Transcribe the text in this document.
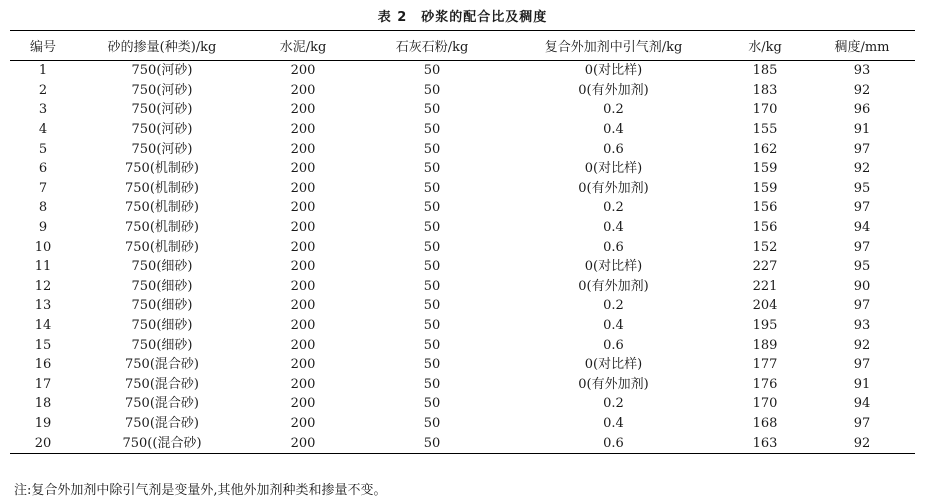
表 2　砂浆的配合比及稠度
编号	砂的掺量(种类)/kg	水泥/kg	石灰石粉/kg	复合外加剂中引气剂/kg	水/kg	稠度/mm
1	750(河砂)	200	50	0(对比样)	185	93
2	750(河砂)	200	50	0(有外加剂)	183	92
3	750(河砂)	200	50	0.2	170	96
4	750(河砂)	200	50	0.4	155	91
5	750(河砂)	200	50	0.6	162	97
6	750(机制砂)	200	50	0(对比样)	159	92
7	750(机制砂)	200	50	0(有外加剂)	159	95
8	750(机制砂)	200	50	0.2	156	97
9	750(机制砂)	200	50	0.4	156	94
10	750(机制砂)	200	50	0.6	152	97
11	750(细砂)	200	50	0(对比样)	227	95
12	750(细砂)	200	50	0(有外加剂)	221	90
13	750(细砂)	200	50	0.2	204	97
14	750(细砂)	200	50	0.4	195	93
15	750(细砂)	200	50	0.6	189	92
16	750(混合砂)	200	50	0(对比样)	177	97
17	750(混合砂)	200	50	0(有外加剂)	176	91
18	750(混合砂)	200	50	0.2	170	94
19	750(混合砂)	200	50	0.4	168	97
20	750((混合砂)	200	50	0.6	163	92
注:复合外加剂中除引气剂是变量外,其他外加剂种类和掺量不变。
